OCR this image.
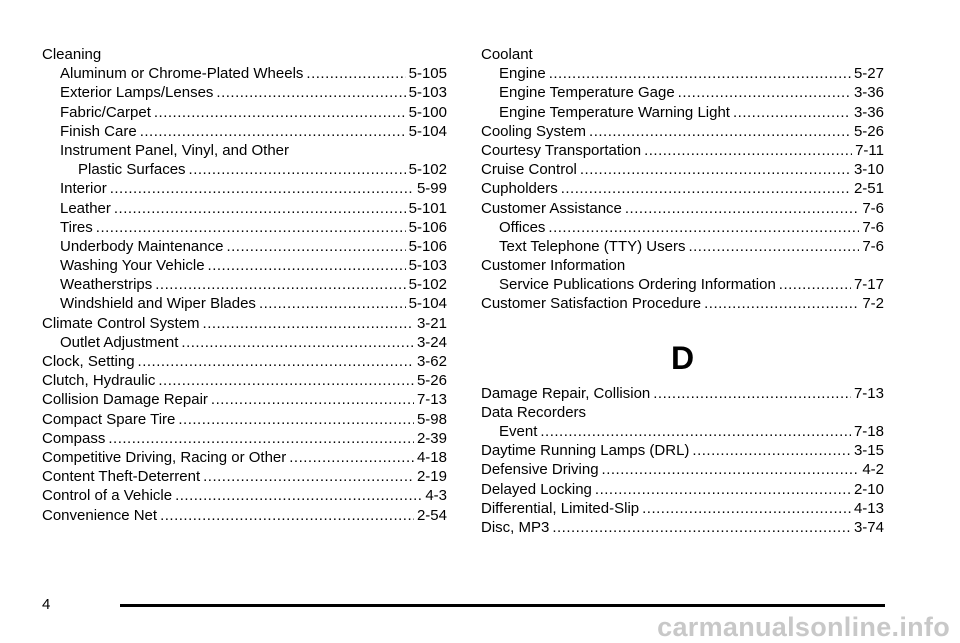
Cleaning
Aluminum or Chrome-Plated Wheels .....	5-105
Exterior Lamps/Lenses .....	5-103
Fabric/Carpet .....	5-100
Finish Care .....	5-104
Instrument Panel, Vinyl, and Other
Plastic Surfaces .....	5-102
Interior .....	5-99
Leather .....	5-101
Tires .....	5-106
Underbody Maintenance .....	5-106
Washing Your Vehicle .....	5-103
Weatherstrips .....	5-102
Windshield and Wiper Blades .....	5-104
Climate Control System .....	3-21
Outlet Adjustment .....	3-24
Clock, Setting .....	3-62
Clutch, Hydraulic .....	5-26
Collision Damage Repair .....	7-13
Compact Spare Tire .....	5-98
Compass .....	2-39
Competitive Driving, Racing or Other .....	4-18
Content Theft-Deterrent .....	2-19
Control of a Vehicle .....	4-3
Convenience Net .....	2-54
Coolant
Engine .....	5-27
Engine Temperature Gage .....	3-36
Engine Temperature Warning Light .....	3-36
Cooling System .....	5-26
Courtesy Transportation .....	7-11
Cruise Control .....	3-10
Cupholders .....	2-51
Customer Assistance .....	7-6
Offices .....	7-6
Text Telephone (TTY) Users .....	7-6
Customer Information
Service Publications Ordering Information .....	7-17
Customer Satisfaction Procedure .....	7-2
D
Damage Repair, Collision .....	7-13
Data Recorders
Event .....	7-18
Daytime Running Lamps (DRL) .....	3-15
Defensive Driving .....	4-2
Delayed Locking .....	2-10
Differential, Limited-Slip .....	4-13
Disc, MP3 .....	3-74
4
carmanualsonline.info
